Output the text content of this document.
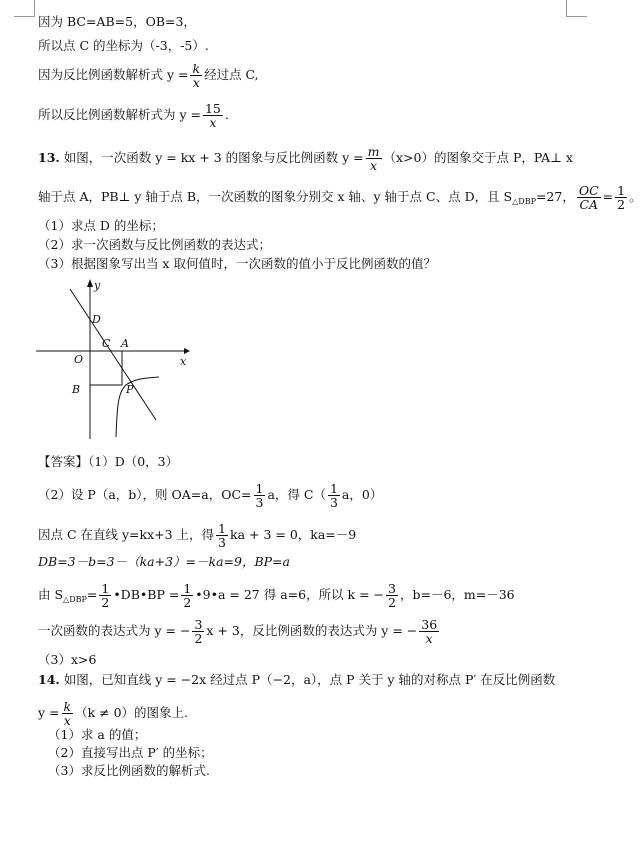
因为 BC=AB=5，OB=3，
所以点 C 的坐标为（-3，-5）.
因为反比例函数解析式 $y = \frac{k}{x}$ 经过点 C,
所以反比例函数解析式为 $y = \frac{15}{x}$ .
13. 如图，一次函数 y = kx + 3 的图象与反比例函数 $y = \frac{m}{x} (x>0)$的图象交于点 P，PA⊥ x
轴于点 A，PB⊥ y 轴于点 B，一次函数的图象分别交 x 轴、y 轴于点 C、点 D，且 $S_{\triangle DBP}=27$， $\frac{OC}{CA} = \frac{1}{2}$ 。
（1）求点 D 的坐标；
（2）求一次函数与反比例函数的表达式；
（3）根据图象写出当 x 取何值时，一次函数的值小于反比例函数的值？
y
x
D
C A
O
B	P
【答案】（1）D（0，3）
（2）设 P（a，b），则 OA=a，$OC= \frac{1}{3}$ a，得 $C( \frac{1}{3}$ a，0）
因点 C 在直线 y=kx+3 上，得 $\frac{1}{3}$ ka + 3 = 0，ka=－9
DB=3－b=3－（ka+3）=－ka=9，BP=a
由 $S_{\triangle DBP}= \frac{1}{2}$ •DB•BP = $\frac{1}{2}$ •9•a = 27 得 a=6，所以 k = − $\frac{3}{2}$ ，b=－6，m=－36
一次函数的表达式为 y = − $\frac{3}{2}$ x + 3，反比例函数的表达式为 y = − $\frac{36}{x}$
（3）x>6
14. 如图，已知直线 y = −2x 经过点 P（−2，a），点 P 关于 y 轴的对称点 P′ 在反比例函数
$y = \frac{k}{x} (k \ne 0)$的图象上.
（1）求 a 的值；
（2）直接写出点 P′ 的坐标；
（3）求反比例函数的解析式.
